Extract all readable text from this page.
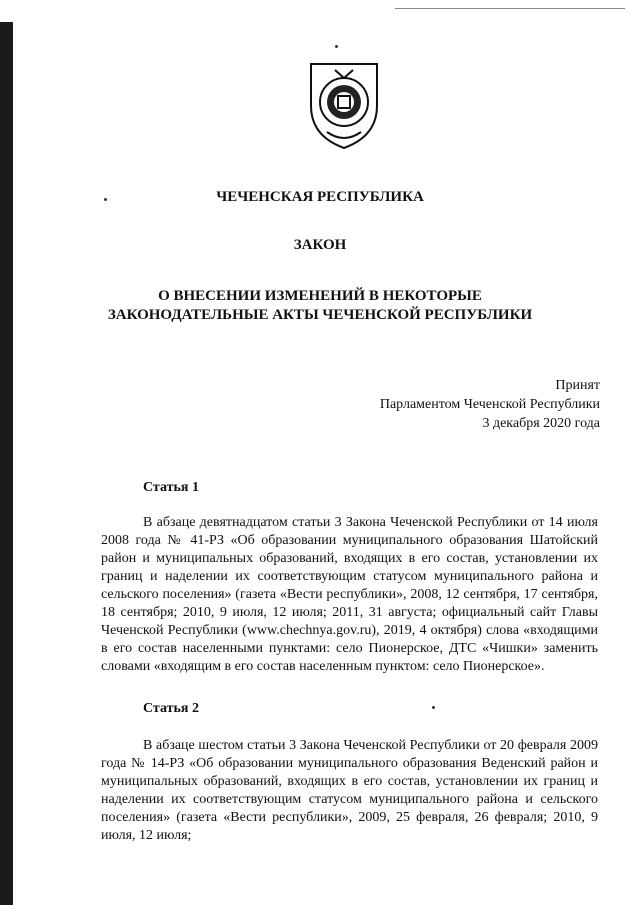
ЧЕЧЕНСКАЯ РЕСПУБЛИКА

ЗАКОН

О ВНЕСЕНИИ ИЗМЕНЕНИЙ В НЕКОТОРЫЕ
ЗАКОНОДАТЕЛЬНЫЕ АКТЫ ЧЕЧЕНСКОЙ РЕСПУБЛИКИ
Принят
Парламентом Чеченской Республики
3 декабря 2020 года

Статья 1

В абзаце девятнадцатом статьи 3 Закона Чеченской Республики от 14 июля 2008 года № 41-РЗ «Об образовании муниципального образования Шатойский район и муниципальных образований, входящих в его состав, установлении их границ и наделении их соответствующим статусом муниципального района и сельского поселения» (газета «Вести республики», 2008, 12 сентября, 17 сентября, 18 сентября; 2010, 9 июля, 12 июля; 2011, 31 августа; официальный сайт Главы Чеченской Республики (www.chechnya.gov.ru), 2019, 4 октября) слова «входящими в его состав населенными пунктами: село Пионерское, ДТС «Чишки» заменить словами «входящим в его состав населенным пунктом: село Пионерское».

Статья 2

В абзаце шестом статьи 3 Закона Чеченской Республики от 20 февраля 2009 года № 14-РЗ «Об образовании муниципального образования Веденский район и муниципальных образований, входящих в его состав, установлении их границ и наделении их соответствующим статусом муниципального района и сельского поселения» (газета «Вести республики», 2009, 25 февраля, 26 февраля; 2010, 9 июля, 12 июля;
